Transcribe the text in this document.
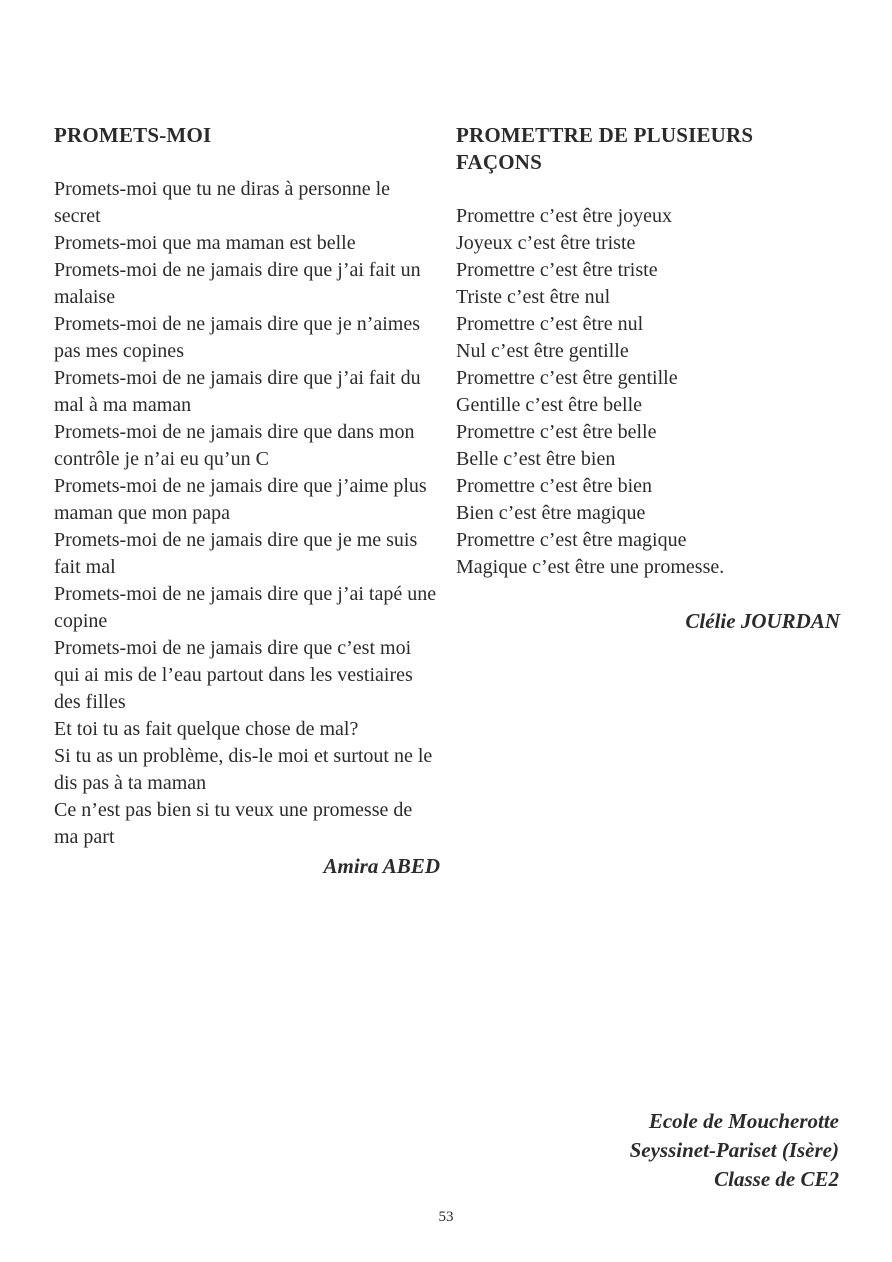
PROMETS-MOI
Promets-moi que tu ne diras à personne le secret
Promets-moi que ma maman est belle
Promets-moi de ne jamais dire que j’ai fait un malaise
Promets-moi de ne jamais dire que je n’aimes pas mes copines
Promets-moi de ne jamais dire que j’ai fait du mal à ma maman
Promets-moi de ne jamais dire que dans mon contrôle je n’ai eu qu’un C
Promets-moi de ne jamais dire que j’aime plus maman que mon papa
Promets-moi de ne jamais dire que je me suis fait mal
Promets-moi de ne jamais dire que j’ai tapé une copine
Promets-moi de ne jamais dire que c’est moi qui ai mis de l’eau partout dans les vestiaires des filles
Et toi tu as fait quelque chose de mal?
Si tu as un problème, dis-le moi et surtout ne le dis pas à ta maman
Ce n’est pas bien si tu veux une promesse de ma part

Amira ABED

PROMETTRE DE PLUSIEURS FAÇONS
Promettre c’est être joyeux
Joyeux c’est être triste
Promettre c’est être triste
Triste c’est être nul
Promettre c’est être nul
Nul c’est être gentille
Promettre c’est être gentille
Gentille c’est être belle
Promettre c’est être belle
Belle c’est être bien
Promettre c’est être bien
Bien c’est être magique
Promettre c’est être magique
Magique c’est être une promesse.

Clélie JOURDAN

Ecole de Moucherotte

Seyssinet-Pariset (Isère)

Classe de CE2

53
